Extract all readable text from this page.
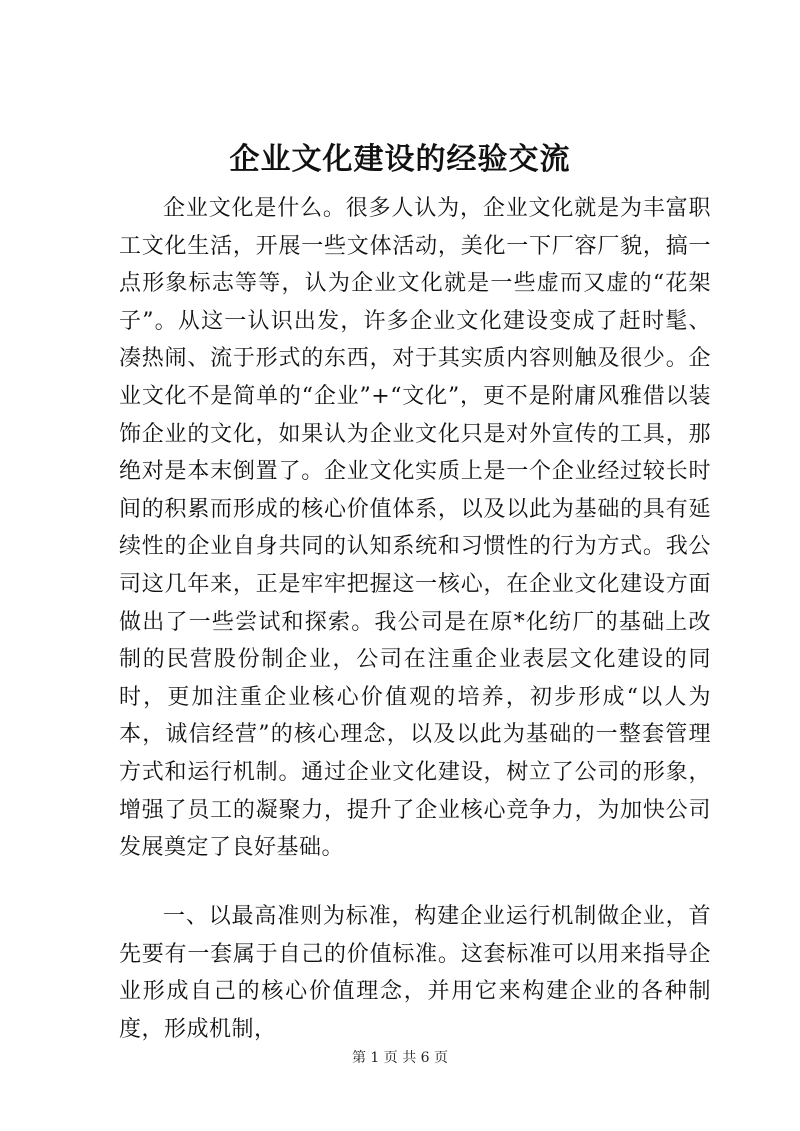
企业文化建设的经验交流

企业文化是什么。很多人认为，企业文化就是为丰富职工文化生活，开展一些文体活动，美化一下厂容厂貌，搞一点形象标志等等，认为企业文化就是一些虚而又虚的“花架子”。从这一认识出发，许多企业文化建设变成了赶时髦、凑热闹、流于形式的东西，对于其实质内容则触及很少。企业文化不是简单的“企业”+“文化”，更不是附庸风雅借以装饰企业的文化，如果认为企业文化只是对外宣传的工具，那绝对是本末倒置了。企业文化实质上是一个企业经过较长时间的积累而形成的核心价值体系，以及以此为基础的具有延续性的企业自身共同的认知系统和习惯性的行为方式。我公司这几年来，正是牢牢把握这一核心，在企业文化建设方面做出了一些尝试和探索。我公司是在原*化纺厂的基础上改制的民营股份制企业，公司在注重企业表层文化建设的同时，更加注重企业核心价值观的培养，初步形成“以人为本，诚信经营”的核心理念，以及以此为基础的一整套管理方式和运行机制。通过企业文化建设，树立了公司的形象，增强了员工的凝聚力，提升了企业核心竞争力，为加快公司发展奠定了良好基础。

一、以最高准则为标准，构建企业运行机制做企业，首先要有一套属于自己的价值标准。这套标准可以用来指导企业形成自己的核心价值理念，并用它来构建企业的各种制度，形成机制，

第 1 页 共 6 页
